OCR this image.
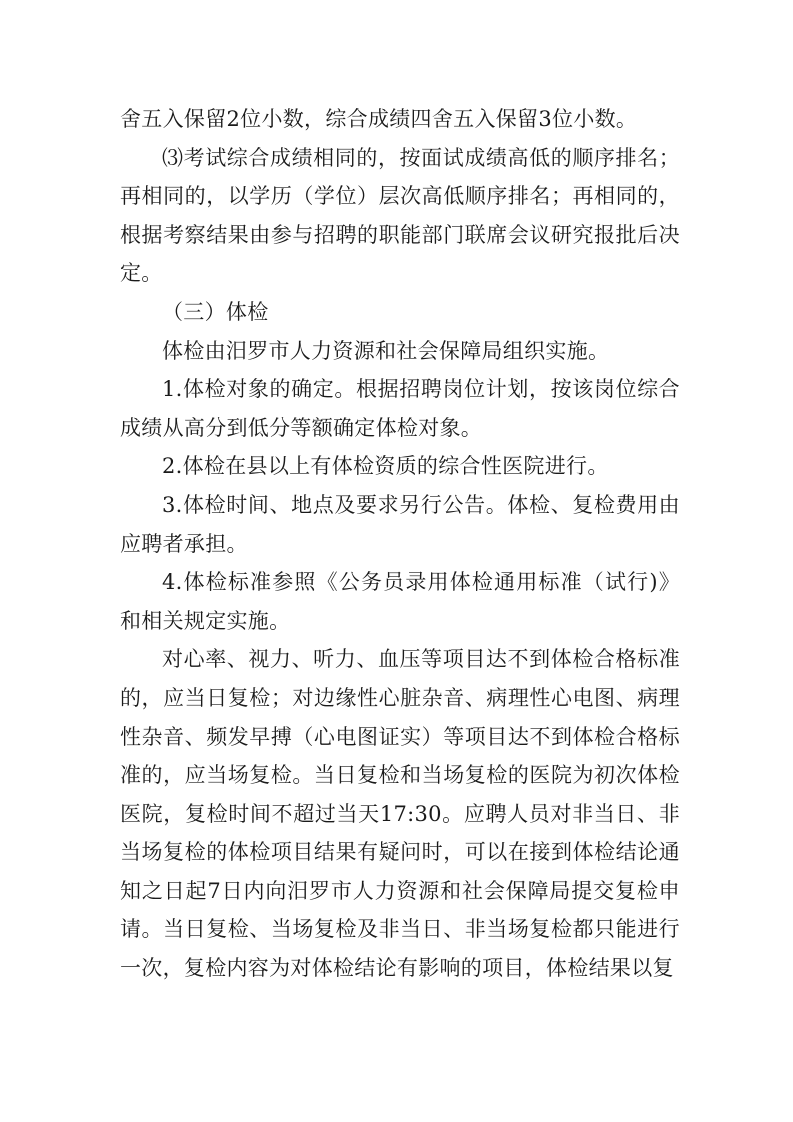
舍五入保留2位小数，综合成绩四舍五入保留3位小数。

⑶考试综合成绩相同的，按面试成绩高低的顺序排名；再相同的，以学历（学位）层次高低顺序排名；再相同的，根据考察结果由参与招聘的职能部门联席会议研究报批后决定。

（三）体检

体检由汨罗市人力资源和社会保障局组织实施。

1.体检对象的确定。根据招聘岗位计划，按该岗位综合成绩从高分到低分等额确定体检对象。

2.体检在县以上有体检资质的综合性医院进行。

3.体检时间、地点及要求另行公告。体检、复检费用由应聘者承担。

4.体检标准参照《公务员录用体检通用标准（试行)》和相关规定实施。

对心率、视力、听力、血压等项目达不到体检合格标准的，应当日复检；对边缘性心脏杂音、病理性心电图、病理性杂音、频发早搏（心电图证实）等项目达不到体检合格标准的，应当场复检。当日复检和当场复检的医院为初次体检医院，复检时间不超过当天17:30。应聘人员对非当日、非当场复检的体检项目结果有疑问时，可以在接到体检结论通知之日起7日内向汨罗市人力资源和社会保障局提交复检申请。当日复检、当场复检及非当日、非当场复检都只能进行一次，复检内容为对体检结论有影响的项目，体检结果以复
